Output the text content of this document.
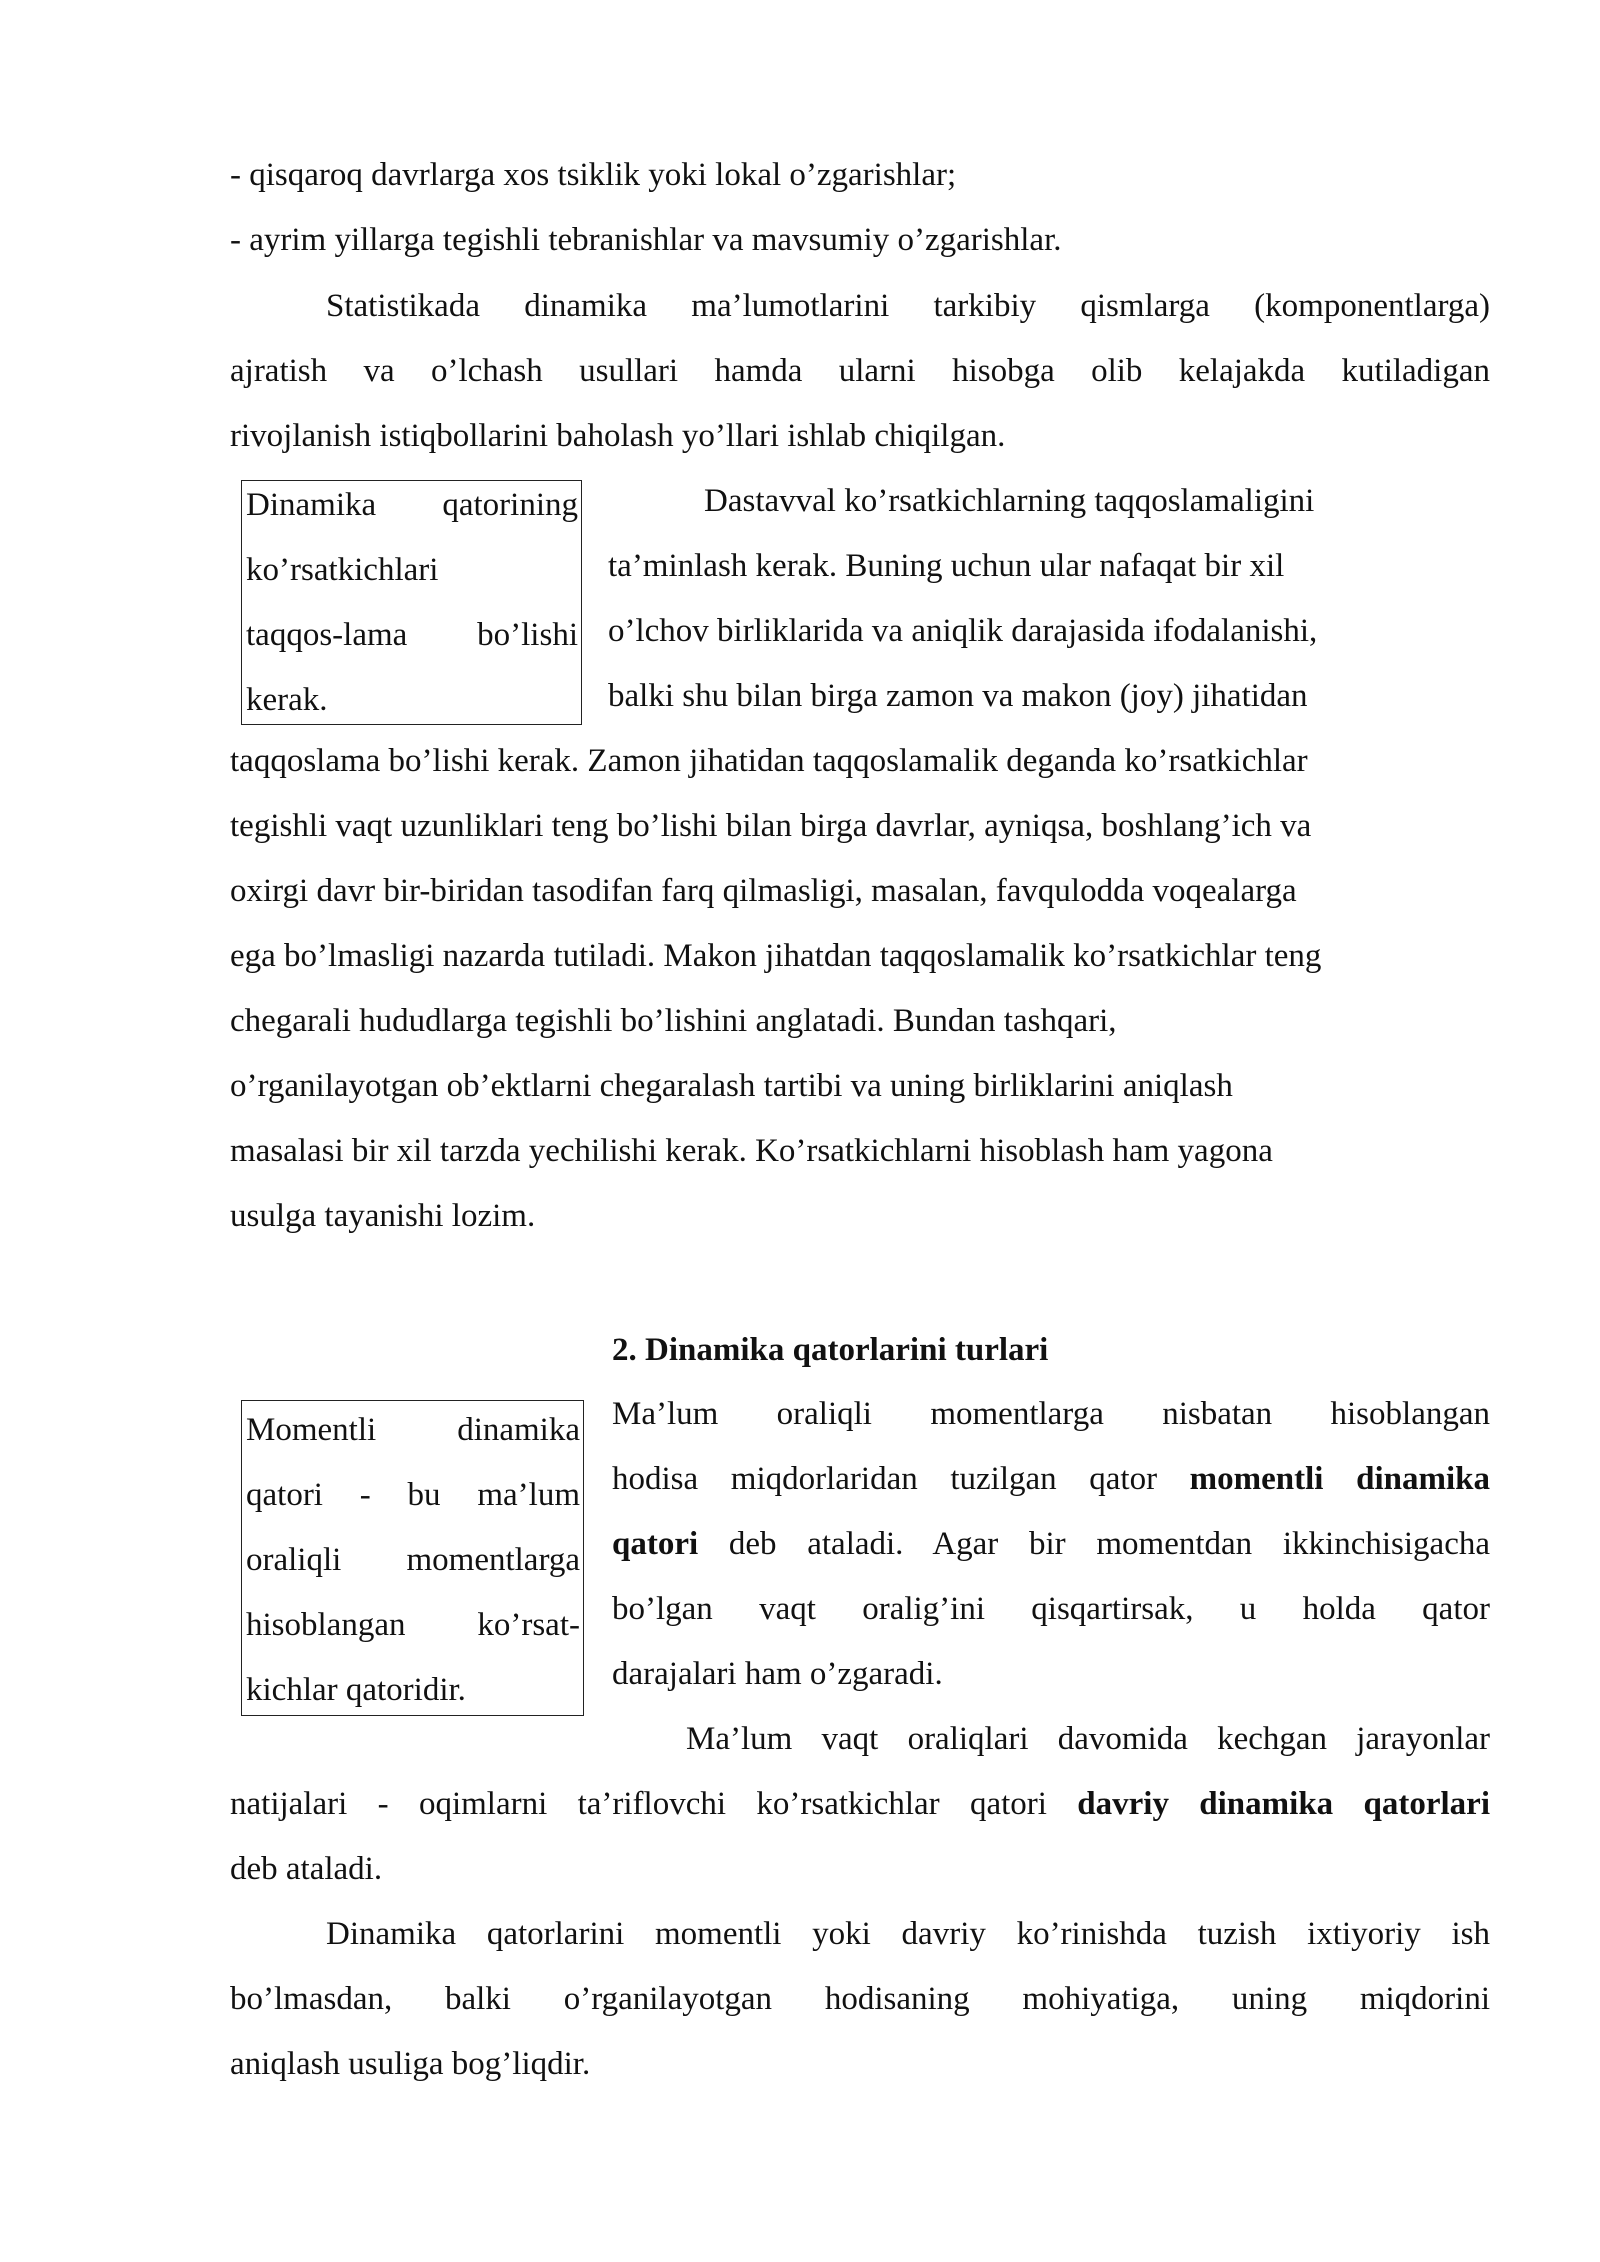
- qisqaroq davrlarga xos tsiklik yoki lokal o’zgarishlar;
- ayrim yillarga tegishli tebranishlar va mavsumiy o’zgarishlar.
Statistikada dinamika ma’lumotlarini tarkibiy qismlarga (komponentlarga)
ajratish va o’lchash usullari hamda ularni hisobga olib kelajakda kutiladigan
rivojlanish istiqbollarini baholash yo’llari ishlab chiqilgan.
Dinamika qatorining
ko’rsatkichlari
taqqos-lama bo’lishi
kerak.
Dastavval ko’rsatkichlarning taqqoslamaligini
ta’minlash kerak. Buning uchun ular nafaqat bir xil
o’lchov birliklarida va aniqlik darajasida ifodalanishi,
balki shu bilan birga zamon va makon (joy) jihatidan
taqqoslama bo’lishi kerak. Zamon jihatidan taqqoslamalik deganda ko’rsatkichlar
tegishli vaqt uzunliklari teng bo’lishi bilan birga davrlar, ayniqsa, boshlang’ich va
oxirgi davr bir-biridan tasodifan farq qilmasligi, masalan, favqulodda voqealarga
ega bo’lmasligi nazarda tutiladi. Makon jihatdan taqqoslamalik ko’rsatkichlar teng
chegarali hududlarga tegishli bo’lishini anglatadi. Bundan tashqari,
o’rganilayotgan ob’ektlarni chegaralash tartibi va uning birliklarini aniqlash
masalasi bir xil tarzda yechilishi kerak. Ko’rsatkichlarni hisoblash ham yagona
usulga tayanishi lozim.
2. Dinamika qatorlarini turlari
Momentli dinamika
qatori - bu ma’lum
oraliqli momentlarga
hisoblangan ko’rsat-
kichlar qatoridir.
Ma’lum oraliqli momentlarga nisbatan hisoblangan
hodisa miqdorlaridan tuzilgan qator momentli dinamika
qatori deb ataladi. Agar bir momentdan ikkinchisigacha
bo’lgan vaqt oralig’ini qisqartirsak, u holda qator
darajalari ham o’zgaradi.
Ma’lum vaqt oraliqlari davomida kechgan jarayonlar
natijalari - oqimlarni ta’riflovchi ko’rsatkichlar qatori davriy dinamika qatorlari
deb ataladi.
Dinamika qatorlarini momentli yoki davriy ko’rinishda tuzish ixtiyoriy ish
bo’lmasdan, balki o’rganilayotgan hodisaning mohiyatiga, uning miqdorini
aniqlash usuliga bog’liqdir.
